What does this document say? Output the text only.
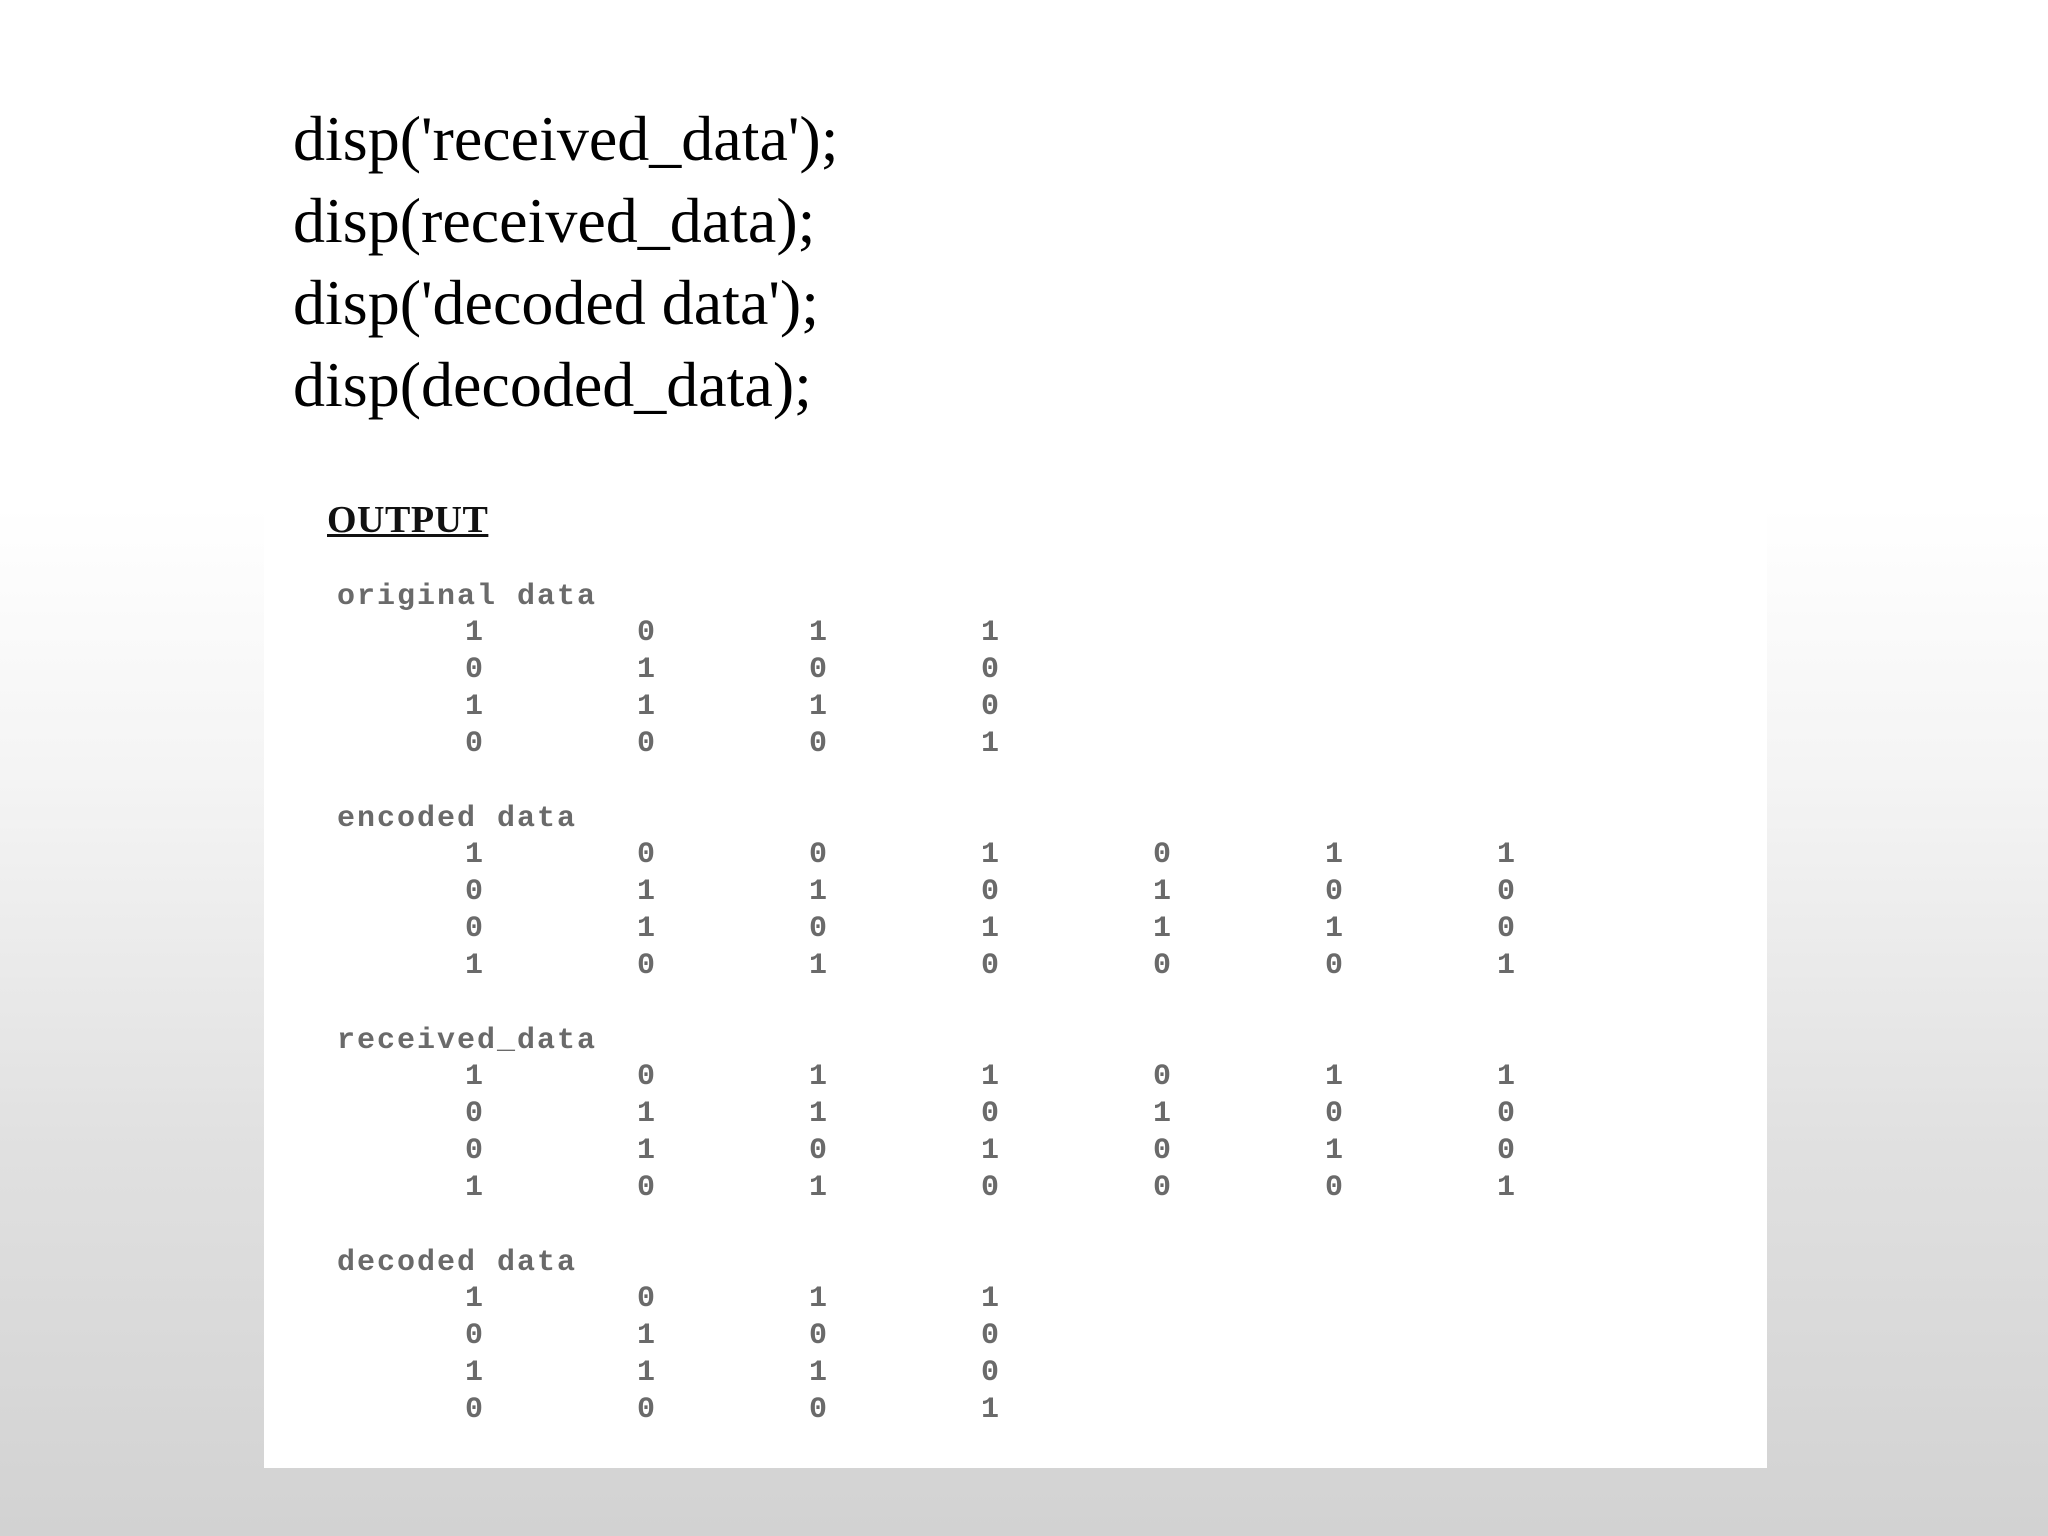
disp('received_data');
disp(received_data);
disp('decoded data');
disp(decoded_data);
OUTPUT
original data
1	0	1	1
0	1	0	0
1	1	1	0
0	0	0	1
encoded data
1	0	0	1	0	1	1
0	1	1	0	1	0	0
0	1	0	1	1	1	0
1	0	1	0	0	0	1
received_data
1	0	1	1	0	1	1
0	1	1	0	1	0	0
0	1	0	1	0	1	0
1	0	1	0	0	0	1
decoded data
1	0	1	1
0	1	0	0
1	1	1	0
0	0	0	1
